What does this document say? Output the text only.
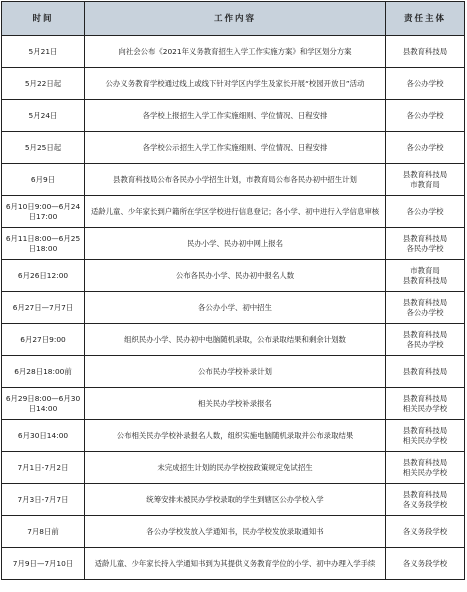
时间	工作内容	责任主体
5月21日	向社会公布《2021年义务教育招生入学工作实施方案》和学区划分方案	县教育科技局
5月22日起	公办义务教育学校通过线上或线下针对学区内学生及家长开展“校园开放日”活动	各公办学校
5月24日	各学校上报招生入学工作实施细则、学位情况、日程安排	各公办学校
5月25日起	各学校公示招生入学工作实施细则、学位情况、日程安排	各公办学校
6月9日	县教育科技局公布各民办小学招生计划，市教育局公布各民办初中招生计划	县教育科技局
市教育局
6月10日9:00—6月24日17:00	适龄儿童、少年家长到户籍所在学区学校进行信息登记；各小学、初中进行入学信息审核	各公办学校
6月11日8:00—6月25日18:00	民办小学、民办初中网上报名	县教育科技局
各民办学校
6月26日12:00	公布各民办小学、民办初中报名人数	市教育局
县教育科技局
6月27日—7月7日	各公办小学、初中招生	县教育科技局
各公办学校
6月27日9:00	组织民办小学、民办初中电脑随机录取，公布录取结果和剩余计划数	县教育科技局
各民办学校
6月28日18:00前	公布民办学校补录计划	县教育科技局
6月29日8:00—6月30日14:00	相关民办学校补录报名	县教育科技局
相关民办学校
6月30日14:00	公布相关民办学校补录报名人数，组织实施电脑随机录取并公布录取结果	县教育科技局
相关民办学校
7月1日-7月2日	未完成招生计划的民办学校按政策规定免试招生	县教育科技局
相关民办学校
7月3日-7月7日	统筹安排未被民办学校录取的学生到辖区公办学校入学	县教育科技局
各义务段学校
7月8日前	各公办学校发放入学通知书，民办学校发放录取通知书	各义务段学校
7月9日—7月10日	适龄儿童、少年家长持入学通知书到为其提供义务教育学位的小学、初中办理入学手续	各义务段学校
